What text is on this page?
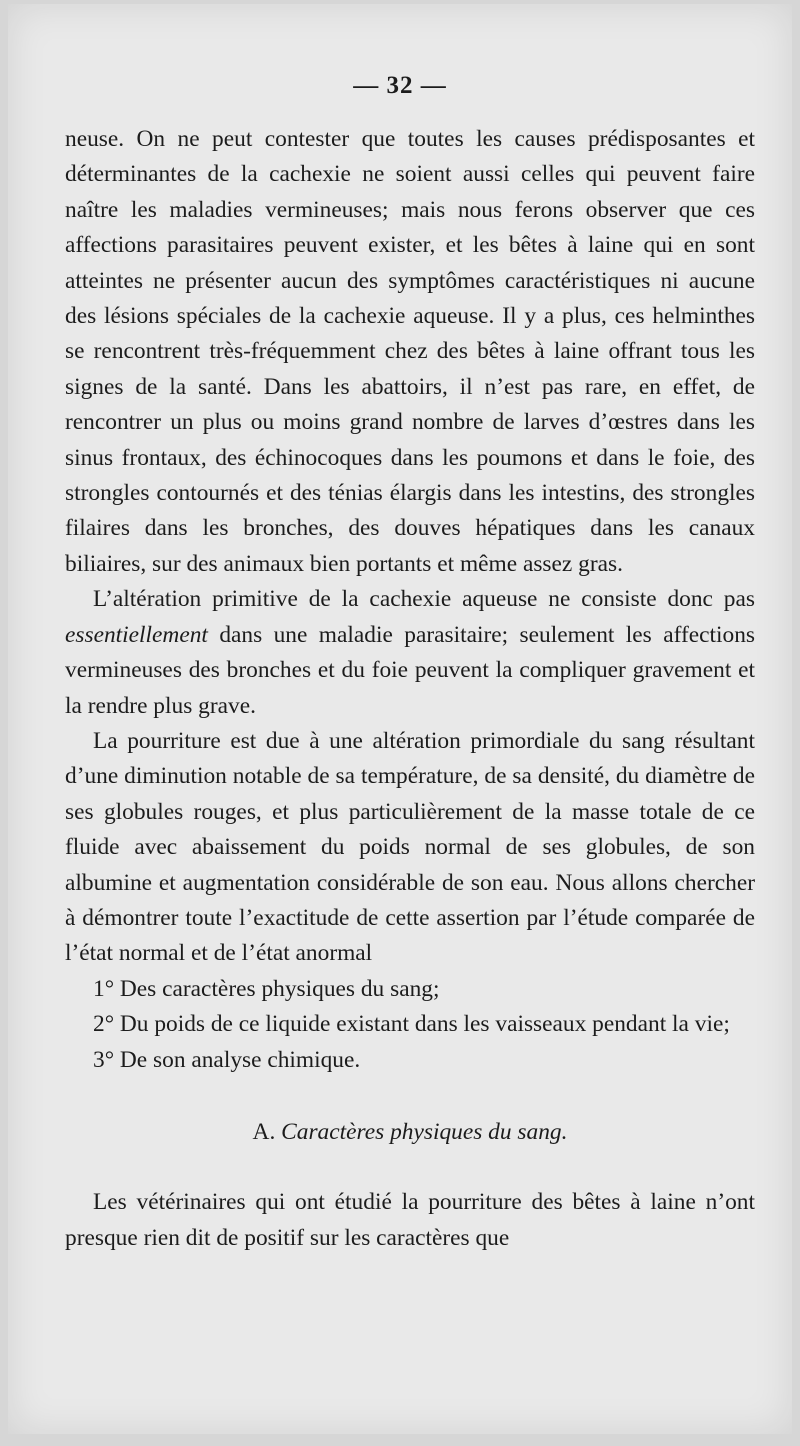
— 32 —

neuse. On ne peut contester que toutes les causes prédisposantes et déterminantes de la cachexie ne soient aussi celles qui peuvent faire naître les maladies vermineuses; mais nous ferons observer que ces affections parasitaires peuvent exister, et les bêtes à laine qui en sont atteintes ne présenter aucun des symptômes caractéristiques ni aucune des lésions spéciales de la cachexie aqueuse. Il y a plus, ces helminthes se rencontrent très-fréquemment chez des bêtes à laine offrant tous les signes de la santé. Dans les abattoirs, il n’est pas rare, en effet, de rencontrer un plus ou moins grand nombre de larves d’œstres dans les sinus frontaux, des échinocoques dans les poumons et dans le foie, des strongles contournés et des ténias élargis dans les intestins, des strongles filaires dans les bronches, des douves hépatiques dans les canaux biliaires, sur des animaux bien portants et même assez gras.

L’altération primitive de la cachexie aqueuse ne consiste donc pas essentiellement dans une maladie parasitaire; seulement les affections vermineuses des bronches et du foie peuvent la compliquer gravement et la rendre plus grave.

La pourriture est due à une altération primordiale du sang résultant d’une diminution notable de sa température, de sa densité, du diamètre de ses globules rouges, et plus particulièrement de la masse totale de ce fluide avec abaissement du poids normal de ses globules, de son albumine et augmentation considérable de son eau. Nous allons chercher à démontrer toute l’exactitude de cette assertion par l’étude comparée de l’état normal et de l’état anormal

1° Des caractères physiques du sang;

2° Du poids de ce liquide existant dans les vaisseaux pendant la vie;

3° De son analyse chimique.

A. Caractères physiques du sang.

Les vétérinaires qui ont étudié la pourriture des bêtes à laine n’ont presque rien dit de positif sur les caractères que
